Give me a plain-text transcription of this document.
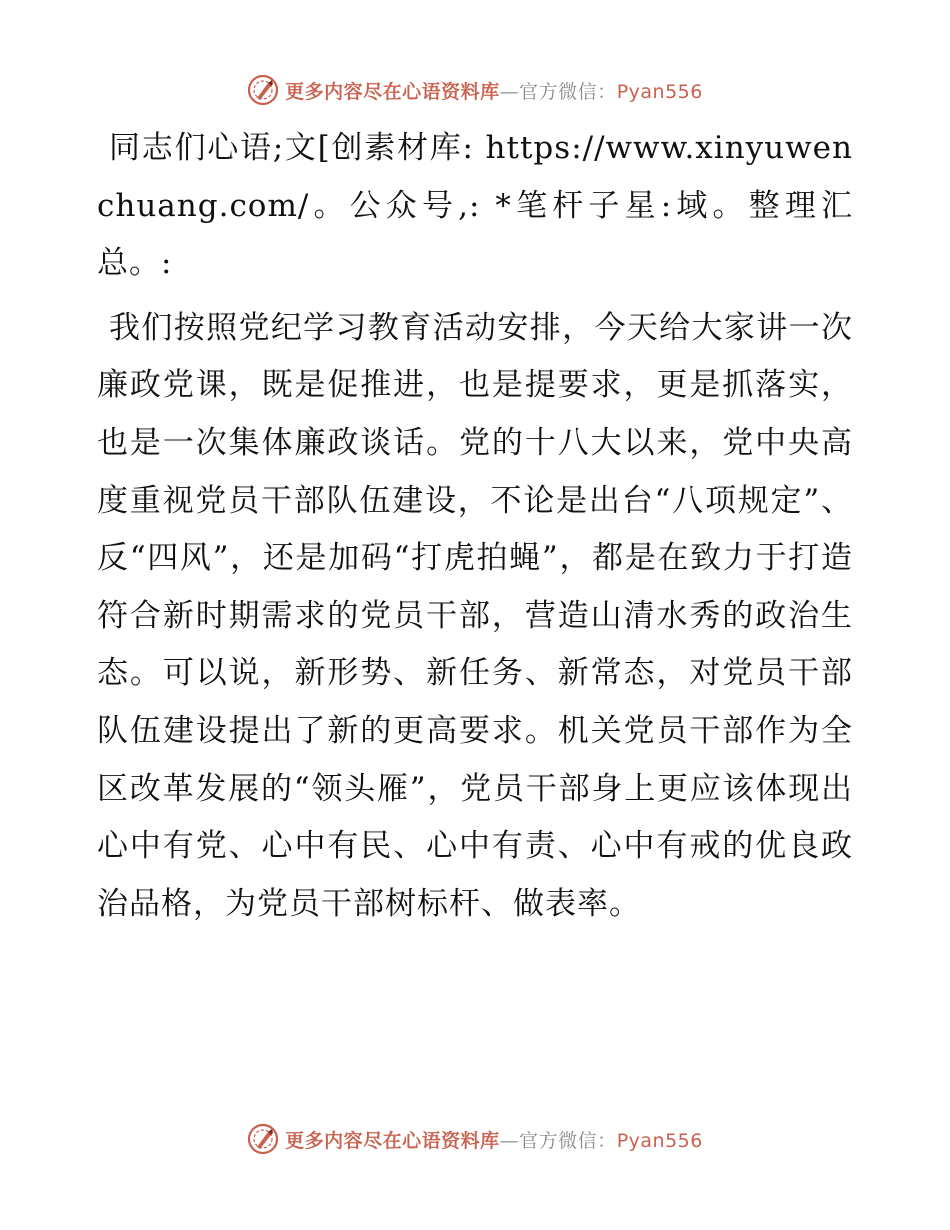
更多内容尽在心语资料库—官方微信：Pyan556

同志们心语;文[创素材库: https://www.xinyuwenchuang.com/。公众号,: *笔杆子星:域。整理汇总。:

我们按照党纪学习教育活动安排，今天给大家讲一次廉政党课，既是促推进，也是提要求，更是抓落实，也是一次集体廉政谈话。党的十八大以来，党中央高度重视党员干部队伍建设，不论是出台“八项规定”、反“四风”，还是加码“打虎拍蝇”，都是在致力于打造符合新时期需求的党员干部，营造山清水秀的政治生态。可以说，新形势、新任务、新常态，对党员干部队伍建设提出了新的更高要求。机关党员干部作为全区改革发展的“领头雁”，党员干部身上更应该体现出心中有党、心中有民、心中有责、心中有戒的优良政治品格，为党员干部树标杆、做表率。

更多内容尽在心语资料库—官方微信：Pyan556
